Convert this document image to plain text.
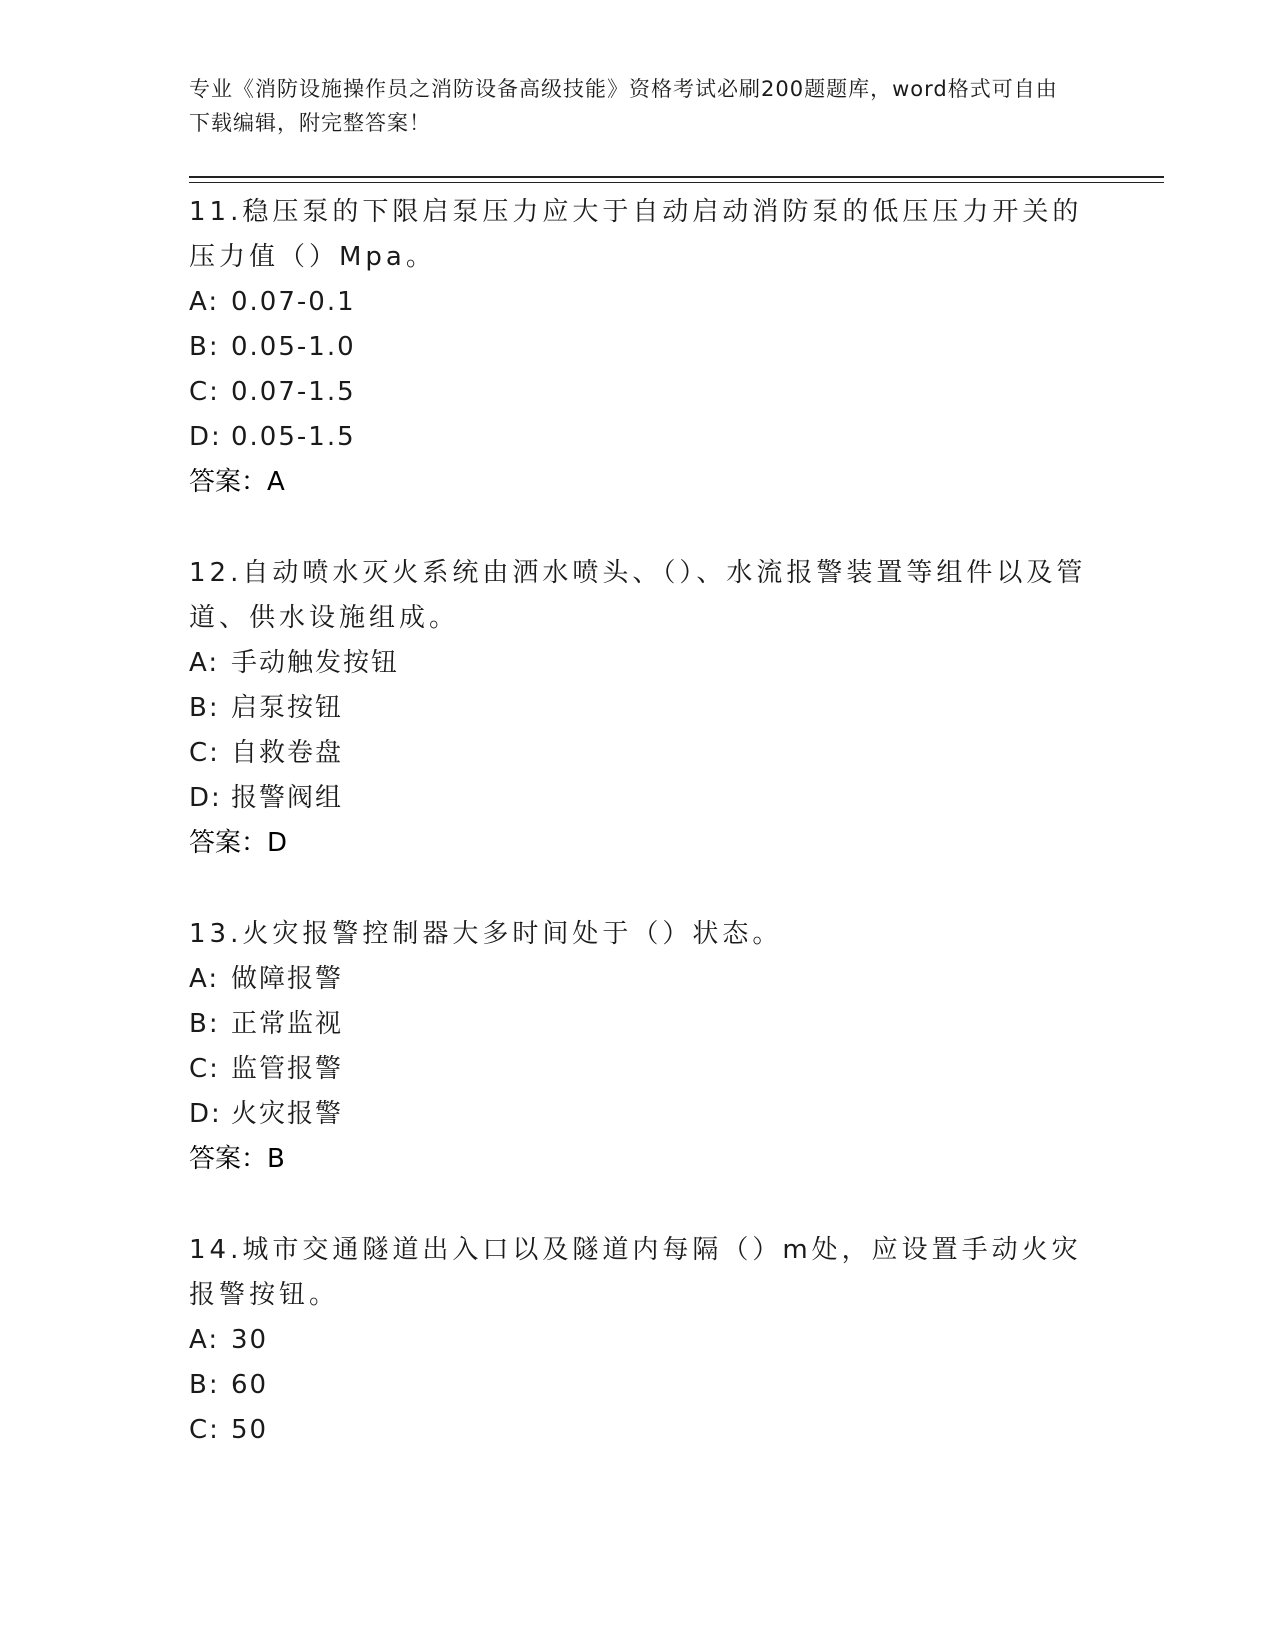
专业《消防设施操作员之消防设备高级技能》资格考试必刷200题题库，word格式可自由下载编辑，附完整答案！
11.稳压泵的下限启泵压力应大于自动启动消防泵的低压压力开关的压力值（）Mpa。
A: 0.07-0.1
B: 0.05-1.0
C: 0.07-1.5
D: 0.05-1.5
答案：A
12.自动喷水灭火系统由洒水喷头、（）、水流报警装置等组件以及管道、供水设施组成。
A: 手动触发按钮
B: 启泵按钮
C: 自救卷盘
D: 报警阀组
答案：D
13.火灾报警控制器大多时间处于（）状态。
A: 做障报警
B: 正常监视
C: 监管报警
D: 火灾报警
答案：B
14.城市交通隧道出入口以及隧道内每隔（）m处，应设置手动火灾报警按钮。
A: 30
B: 60
C: 50
